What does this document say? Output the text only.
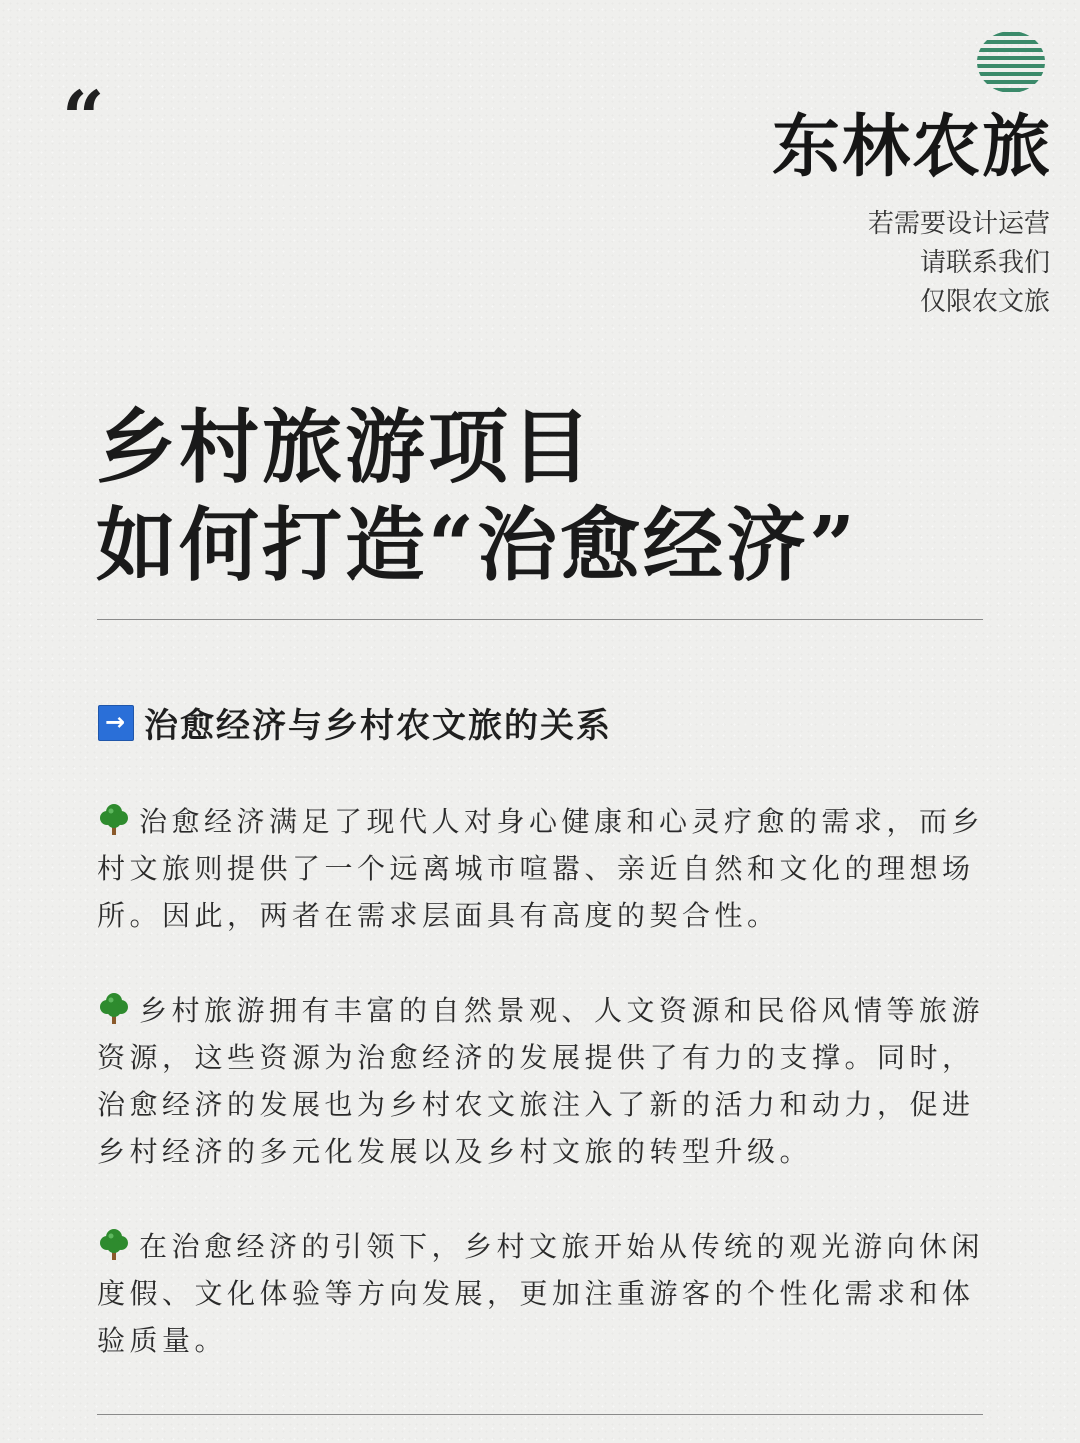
“	东林农旅
若需要设计运营
请联系我们
仅限农文旅
乡村旅游项目
如何打造“治愈经济”
→ 治愈经济与乡村农文旅的关系
治愈经济满足了现代人对身心健康和心灵疗愈的需求，而乡村文旅则提供了一个远离城市喧嚣、亲近自然和文化的理想场所。因此，两者在需求层面具有高度的契合性。
乡村旅游拥有丰富的自然景观、人文资源和民俗风情等旅游资源，这些资源为治愈经济的发展提供了有力的支撑。同时，治愈经济的发展也为乡村农文旅注入了新的活力和动力，促进乡村经济的多元化发展以及乡村文旅的转型升级。
在治愈经济的引领下，乡村文旅开始从传统的观光游向休闲度假、文化体验等方向发展，更加注重游客的个性化需求和体验质量。
